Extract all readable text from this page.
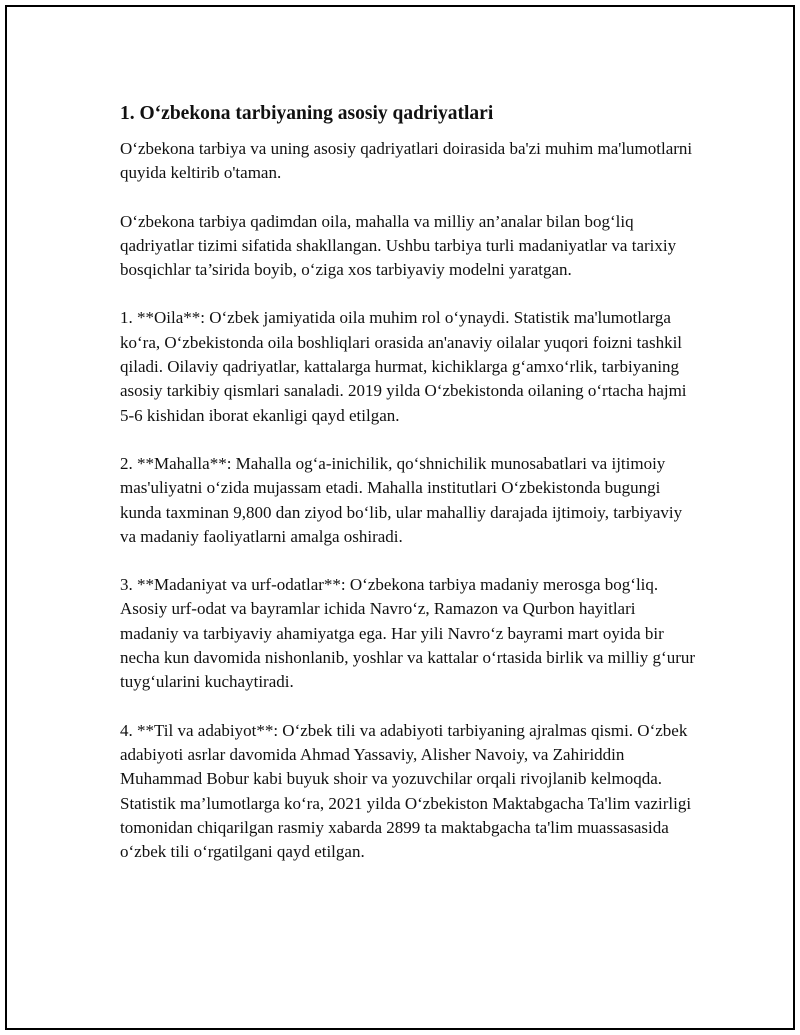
1. O‘zbekona tarbiyaning asosiy qadriyatlari

O‘zbekona tarbiya va uning asosiy qadriyatlari doirasida ba'zi muhim ma'lumotlarni quyida keltirib o'taman.

O‘zbekona tarbiya qadimdan oila, mahalla va milliy an’analar bilan bog‘liq qadriyatlar tizimi sifatida shakllangan. Ushbu tarbiya turli madaniyatlar va tarixiy bosqichlar ta’sirida boyib, o‘ziga xos tarbiyaviy modelni yaratgan.

1. **Oila**: O‘zbek jamiyatida oila muhim rol o‘ynaydi. Statistik ma'lumotlarga ko‘ra, O‘zbekistonda oila boshliqlari orasida an'anaviy oilalar yuqori foizni tashkil qiladi. Oilaviy qadriyatlar, kattalarga hurmat, kichiklarga g‘amxo‘rlik, tarbiyaning asosiy tarkibiy qismlari sanaladi. 2019 yilda O‘zbekistonda oilaning o‘rtacha hajmi 5-6 kishidan iborat ekanligi qayd etilgan.

2. **Mahalla**: Mahalla og‘a-inichilik, qo‘shnichilik munosabatlari va ijtimoiy mas'uliyatni o‘zida mujassam etadi. Mahalla institutlari O‘zbekistonda bugungi kunda taxminan 9,800 dan ziyod bo‘lib, ular mahalliy darajada ijtimoiy, tarbiyaviy va madaniy faoliyatlarni amalga oshiradi.

3. **Madaniyat va urf-odatlar**: O‘zbekona tarbiya madaniy merosga bog‘liq. Asosiy urf-odat va bayramlar ichida Navro‘z, Ramazon va Qurbon hayitlari madaniy va tarbiyaviy ahamiyatga ega. Har yili Navro‘z bayrami mart oyida bir necha kun davomida nishonlanib, yoshlar va kattalar o‘rtasida birlik va milliy g‘urur tuyg‘ularini kuchaytiradi.

4. **Til va adabiyot**: O‘zbek tili va adabiyoti tarbiyaning ajralmas qismi. O‘zbek adabiyoti asrlar davomida Ahmad Yassaviy, Alisher Navoiy, va Zahiriddin Muhammad Bobur kabi buyuk shoir va yozuvchilar orqali rivojlanib kelmoqda. Statistik ma’lumotlarga ko‘ra, 2021 yilda O‘zbekiston Maktabgacha Ta'lim vazirligi tomonidan chiqarilgan rasmiy xabarda 2899 ta maktabgacha ta'lim muassasasida o‘zbek tili o‘rgatilgani qayd etilgan.
